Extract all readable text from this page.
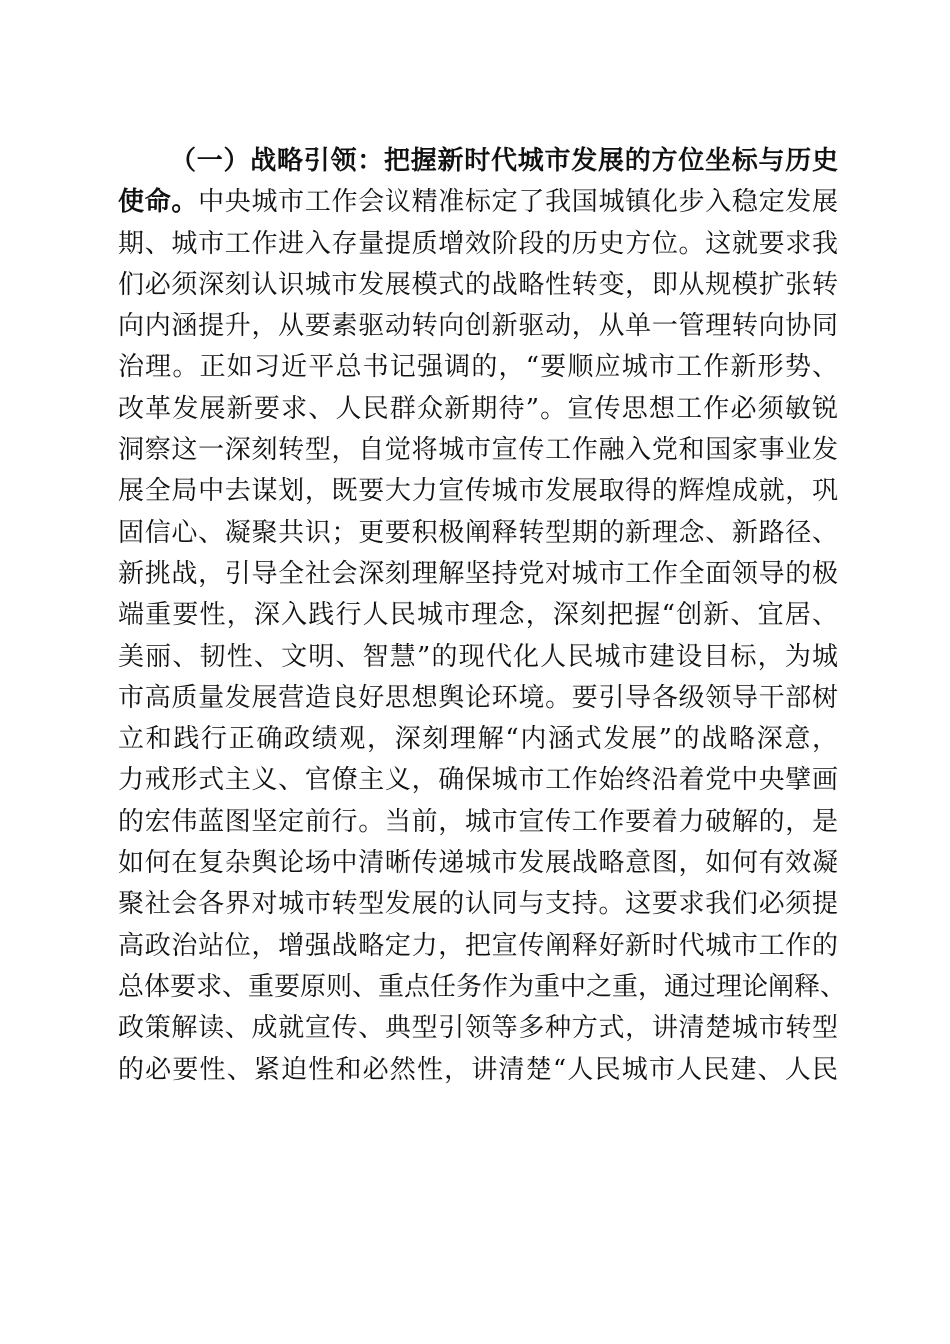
（一）战略引领：把握新时代城市发展的方位坐标与历史
使命。中央城市工作会议精准标定了我国城镇化步入稳定发展
期、城市工作进入存量提质增效阶段的历史方位。这就要求我
们必须深刻认识城市发展模式的战略性转变，即从规模扩张转
向内涵提升，从要素驱动转向创新驱动，从单一管理转向协同
治理。正如习近平总书记强调的，“要顺应城市工作新形势、
改革发展新要求、人民群众新期待”。宣传思想工作必须敏锐
洞察这一深刻转型，自觉将城市宣传工作融入党和国家事业发
展全局中去谋划，既要大力宣传城市发展取得的辉煌成就，巩
固信心、凝聚共识；更要积极阐释转型期的新理念、新路径、
新挑战，引导全社会深刻理解坚持党对城市工作全面领导的极
端重要性，深入践行人民城市理念，深刻把握“创新、宜居、
美丽、韧性、文明、智慧”的现代化人民城市建设目标，为城
市高质量发展营造良好思想舆论环境。要引导各级领导干部树
立和践行正确政绩观，深刻理解“内涵式发展”的战略深意，
力戒形式主义、官僚主义，确保城市工作始终沿着党中央擘画
的宏伟蓝图坚定前行。当前，城市宣传工作要着力破解的，是
如何在复杂舆论场中清晰传递城市发展战略意图，如何有效凝
聚社会各界对城市转型发展的认同与支持。这要求我们必须提
高政治站位，增强战略定力，把宣传阐释好新时代城市工作的
总体要求、重要原则、重点任务作为重中之重，通过理论阐释、
政策解读、成就宣传、典型引领等多种方式，讲清楚城市转型
的必要性、紧迫性和必然性，讲清楚“人民城市人民建、人民
